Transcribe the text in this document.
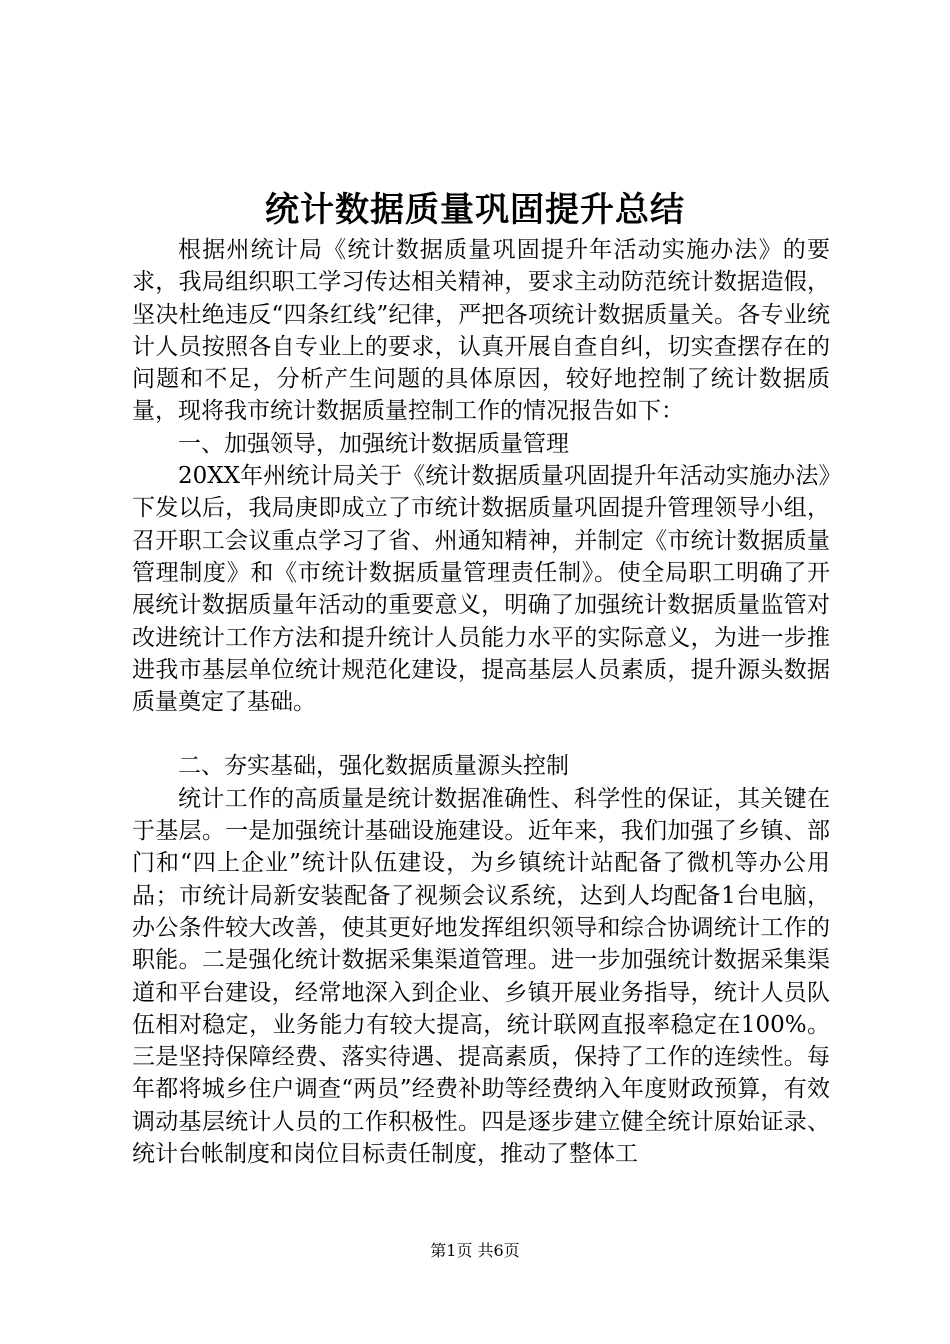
统计数据质量巩固提升总结

根据州统计局《统计数据质量巩固提升年活动实施办法》的要求，我局组织职工学习传达相关精神，要求主动防范统计数据造假，坚决杜绝违反“四条红线”纪律，严把各项统计数据质量关。各专业统计人员按照各自专业上的要求，认真开展自查自纠，切实查摆存在的问题和不足，分析产生问题的具体原因，较好地控制了统计数据质量，现将我市统计数据质量控制工作的情况报告如下：

一、加强领导，加强统计数据质量管理

20XX年州统计局关于《统计数据质量巩固提升年活动实施办法》下发以后，我局庚即成立了市统计数据质量巩固提升管理领导小组，召开职工会议重点学习了省、州通知精神，并制定《市统计数据质量管理制度》和《市统计数据质量管理责任制》。使全局职工明确了开展统计数据质量年活动的重要意义，明确了加强统计数据质量监管对改进统计工作方法和提升统计人员能力水平的实际意义，为进一步推进我市基层单位统计规范化建设，提高基层人员素质，提升源头数据质量奠定了基础。

二、夯实基础，强化数据质量源头控制

统计工作的高质量是统计数据准确性、科学性的保证，其关键在于基层。一是加强统计基础设施建设。近年来，我们加强了乡镇、部门和“四上企业”统计队伍建设，为乡镇统计站配备了微机等办公用品；市统计局新安装配备了视频会议系统，达到人均配备1台电脑，办公条件较大改善，使其更好地发挥组织领导和综合协调统计工作的职能。二是强化统计数据采集渠道管理。进一步加强统计数据采集渠道和平台建设，经常地深入到企业、乡镇开展业务指导，统计人员队伍相对稳定，业务能力有较大提高，统计联网直报率稳定在100%。三是坚持保障经费、落实待遇、提高素质，保持了工作的连续性。每年都将城乡住户调查“两员”经费补助等经费纳入年度财政预算，有效调动基层统计人员的工作积极性。四是逐步建立健全统计原始证录、统计台帐制度和岗位目标责任制度，推动了整体工

第1页 共6页
